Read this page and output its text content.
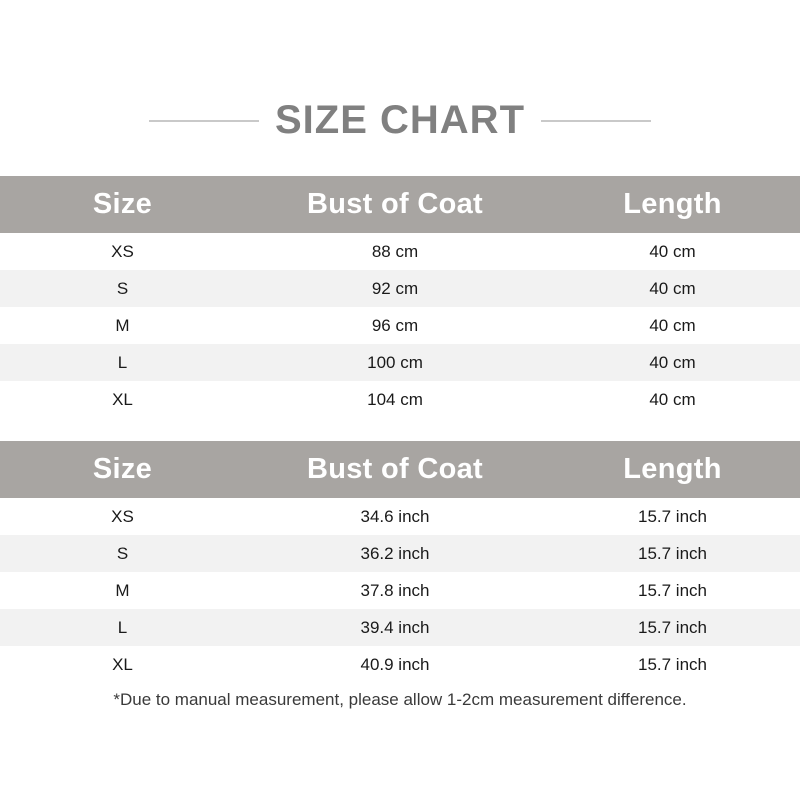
SIZE CHART
Size	Bust of Coat	Length
XS	88 cm	40 cm
S	92 cm	40 cm
M	96 cm	40 cm
L	100 cm	40 cm
XL	104 cm	40 cm
Size	Bust of Coat	Length
XS	34.6 inch	15.7 inch
S	36.2 inch	15.7 inch
M	37.8 inch	15.7 inch
L	39.4 inch	15.7 inch
XL	40.9 inch	15.7 inch
*Due to manual measurement, please allow 1-2cm measurement difference.
